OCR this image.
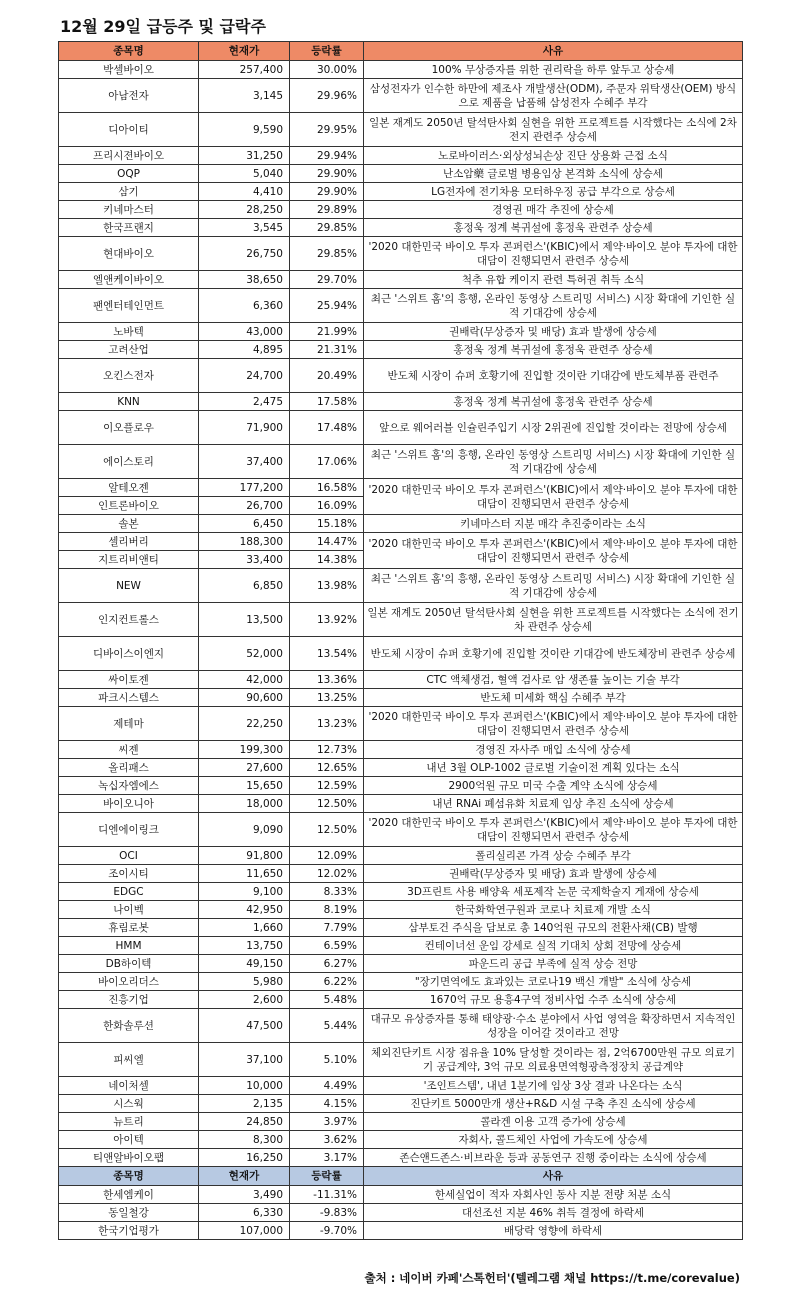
12월 29일 급등주 및 급락주
종목명	현재가	등락률	사유
박셀바이오	257,400	30.00%	100% 무상증자를 위한 권리락을 하루 앞두고 상승세
아남전자	3,145	29.96%	삼성전자가 인수한 하만에 제조사 개발생산(ODM), 주문자 위탁생산(OEM) 방식으로 제품을 납품해 삼성전자 수혜주 부각
디아이티	9,590	29.95%	일본 재계도 2050년 탈석탄사회 실현을 위한 프로젝트를 시작했다는 소식에 2차전지 관련주 상승세
프리시젼바이오	31,250	29.94%	노로바이러스·외상성뇌손상 진단 상용화 근접 소식
OQP	5,040	29.90%	난소암藥 글로벌 병용임상 본격화 소식에 상승세
삼기	4,410	29.90%	LG전자에 전기차용 모터하우징 공급 부각으로 상승세
키네마스터	28,250	29.89%	경영권 매각 추진에 상승세
한국프랜지	3,545	29.85%	홍정욱 정계 복귀설에 홍정욱 관련주 상승세
현대바이오	26,750	29.85%	'2020 대한민국 바이오 투자 콘퍼런스'(KBIC)에서 제약·바이오 분야 투자에 대한 대담이 진행되면서 관련주 상승세
엘앤케이바이오	38,650	29.70%	척추 유합 케이지 관련 특허권 취득 소식
팬엔터테인먼트	6,360	25.94%	최근 '스위트 홈'의 흥행, 온라인 동영상 스트리밍 서비스) 시장 확대에 기인한 실적 기대감에 상승세
노바텍	43,000	21.99%	권배락(무상증자 및 배당) 효과 발생에 상승세
고려산업	4,895	21.31%	홍정욱 정계 복귀설에 홍정욱 관련주 상승세
오킨스전자	24,700	20.49%	반도체 시장이 슈퍼 호황기에 진입할 것이란 기대감에 반도체부품 관련주
KNN	2,475	17.58%	홍정욱 정계 복귀설에 홍정욱 관련주 상승세
이오플로우	71,900	17.48%	앞으로 웨어러블 인슐린주입기 시장 2위권에 진입할 것이라는 전망에 상승세
에이스토리	37,400	17.06%	최근 '스위트 홈'의 흥행, 온라인 동영상 스트리밍 서비스) 시장 확대에 기인한 실적 기대감에 상승세
알테오젠	177,200	16.58%	'2020 대한민국 바이오 투자 콘퍼런스'(KBIC)에서 제약·바이오 분야 투자에 대한 대담이 진행되면서 관련주 상승세
인트론바이오	26,700	16.09%	
솔본	6,450	15.18%	키네마스터 지분 매각 추진중이라는 소식
셀리버리	188,300	14.47%	'2020 대한민국 바이오 투자 콘퍼런스'(KBIC)에서 제약·바이오 분야 투자에 대한 대담이 진행되면서 관련주 상승세
지트리비앤티	33,400	14.38%	
NEW	6,850	13.98%	최근 '스위트 홈'의 흥행, 온라인 동영상 스트리밍 서비스) 시장 확대에 기인한 실적 기대감에 상승세
인지컨트롤스	13,500	13.92%	일본 재계도 2050년 탈석탄사회 실현을 위한 프로젝트를 시작했다는 소식에 전기차 관련주 상승세
디바이스이엔지	52,000	13.54%	반도체 시장이 슈퍼 호황기에 진입할 것이란 기대감에 반도체장비 관련주 상승세
싸이토젠	42,000	13.36%	CTC 액체생검, 혈액 검사로 암 생존률 높이는 기술 부각
파크시스템스	90,600	13.25%	반도체 미세화 핵심 수혜주 부각
제테마	22,250	13.23%	'2020 대한민국 바이오 투자 콘퍼런스'(KBIC)에서 제약·바이오 분야 투자에 대한 대담이 진행되면서 관련주 상승세
씨젠	199,300	12.73%	경영진 자사주 매입 소식에 상승세
올리패스	27,600	12.65%	내년 3월 OLP-1002 글로벌 기술이전 계획 있다는 소식
녹십자엠에스	15,650	12.59%	2900억원 규모 미국 수출 계약 소식에 상승세
바이오니아	18,000	12.50%	내년 RNAi 폐섬유화 치료제 임상 추진 소식에 상승세
디엔에이링크	9,090	12.50%	'2020 대한민국 바이오 투자 콘퍼런스'(KBIC)에서 제약·바이오 분야 투자에 대한 대담이 진행되면서 관련주 상승세
OCI	91,800	12.09%	폴리실리콘 가격 상승 수혜주 부각
조이시티	11,650	12.02%	권배락(무상증자 및 배당) 효과 발생에 상승세
EDGC	9,100	8.33%	3D프린트 사용 배양육 세포제작 논문 국제학술지 게재에 상승세
나이벡	42,950	8.19%	한국화학연구원과 코로나 치료제 개발 소식
휴림로봇	1,660	7.79%	삼부토건 주식을 담보로 총 140억원 규모의 전환사채(CB) 발행
HMM	13,750	6.59%	컨테이너선 운임 강세로 실적 기대치 상회 전망에 상승세
DB하이텍	49,150	6.27%	파운드리 공급 부족에 실적 상승 전망
바이오리더스	5,980	6.22%	"장기면역에도 효과있는 코로나19 백신 개발" 소식에 상승세
진흥기업	2,600	5.48%	1670억 규모 용흥4구역 정비사업 수주 소식에 상승세
한화솔루션	47,500	5.44%	대규모 유상증자를 통해 태양광·수소 분야에서 사업 영역을 확장하면서 지속적인 성장을 이어갈 것이라고 전망
피씨엘	37,100	5.10%	체외진단키트 시장 점유율 10% 달성할 것이라는 점, 2억6700만원 규모 의료기기 공급계약, 3억 규모 의료용면역형광측정장치 공급계약
네이처셀	10,000	4.49%	'조인트스템', 내년 1분기에 임상 3상 결과 나온다는 소식
시스웍	2,135	4.15%	진단키트 5000만개 생산+R&D 시설 구축 추진 소식에 상승세
뉴트리	24,850	3.97%	콜라겐 이용 고객 증가에 상승세
아이텍	8,300	3.62%	자회사, 콜드체인 사업에 가속도에 상승세
티앤알바이오팹	16,250	3.17%	존슨앤드존스·비브라운 등과 공동연구 진행 중이라는 소식에 상승세
종목명	현재가	등락률	사유
한세엠케이	3,490	-11.31%	한세실업이 적자 자회사인 동사 지분 전량 처분 소식
동일철강	6,330	-9.83%	대선조선 지분 46% 취득 결정에 하락세
한국기업평가	107,000	-9.70%	배당락 영향에 하락세
출처 : 네이버 카페'스톡헌터'(텔레그램 채널 https://t.me/corevalue)
